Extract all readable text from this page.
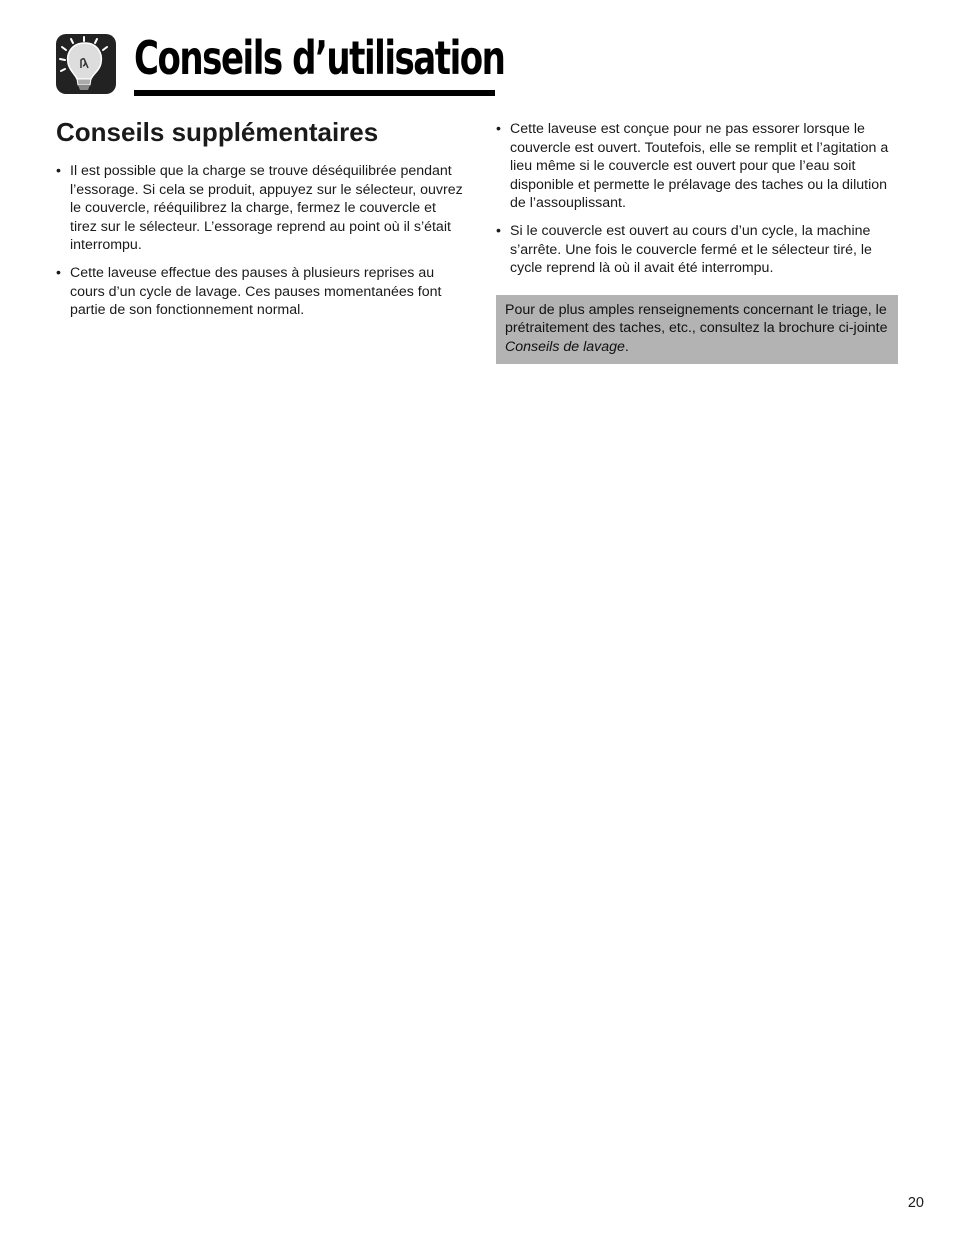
Conseils d’utilisation
Conseils supplémentaires
• Il est possible que la charge se trouve déséquilibrée pendant l’essorage. Si cela se produit, appuyez sur le sélecteur, ouvrez le couvercle, rééquilibrez la charge, fermez le couvercle et tirez sur le sélecteur. L’essorage reprend au point où il s’était interrompu.
• Cette laveuse effectue des pauses à plusieurs reprises au cours d’un cycle de lavage. Ces pauses momentanées font partie de son fonctionnement normal.
• Cette laveuse est conçue pour ne pas essorer lorsque le couvercle est ouvert. Toutefois, elle se remplit et l’agitation a lieu même si le couvercle est ouvert pour que l’eau soit disponible et permette le prélavage des taches ou la dilution de l’assouplissant.
• Si le couvercle est ouvert au cours d’un cycle, la machine s’arrête. Une fois le couvercle fermé et le sélecteur tiré, le cycle reprend là où il avait été interrompu.
Pour de plus amples renseignements concernant le triage, le prétraitement des taches, etc., consultez la brochure ci-jointe Conseils de lavage.
20
